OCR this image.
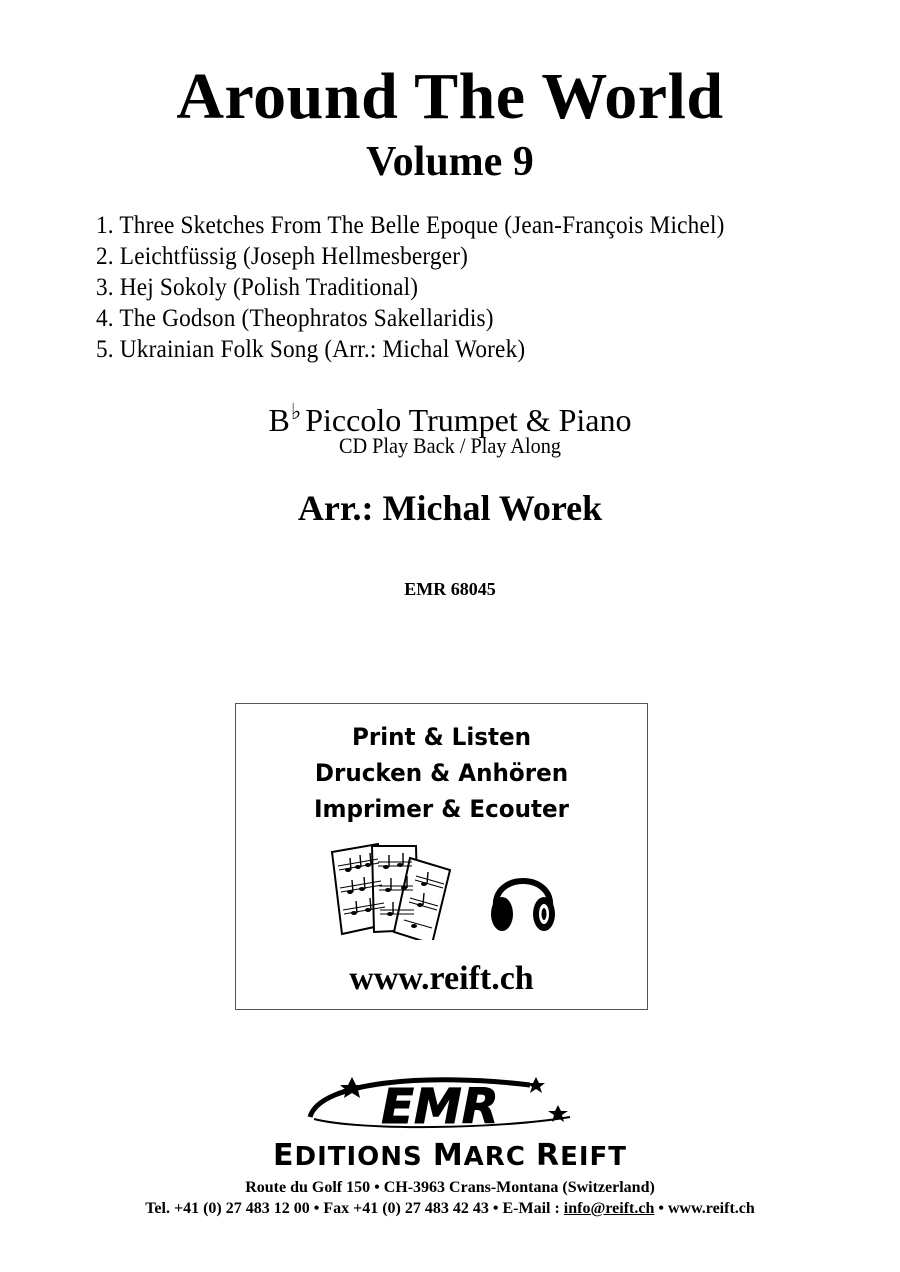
Around The World
Volume 9
1. Three Sketches From The Belle Epoque (Jean-François Michel)
2. Leichtfüssig (Joseph Hellmesberger)
3. Hej Sokoly (Polish Traditional)
4. The Godson (Theophratos Sakellaridis)
5. Ukrainian Folk Song (Arr.: Michal Worek)
B♭ Piccolo Trumpet & Piano
CD Play Back / Play Along
Arr.: Michal Worek
EMR 68045
Print & Listen
Drucken & Anhören
Imprimer & Ecouter
www.reift.ch
EMR
EDITIONS MARC REIFT
Route du Golf 150 • CH-3963 Crans-Montana (Switzerland)
Tel. +41 (0) 27 483 12 00 • Fax +41 (0) 27 483 42 43 • E-Mail : info@reift.ch • www.reift.ch
